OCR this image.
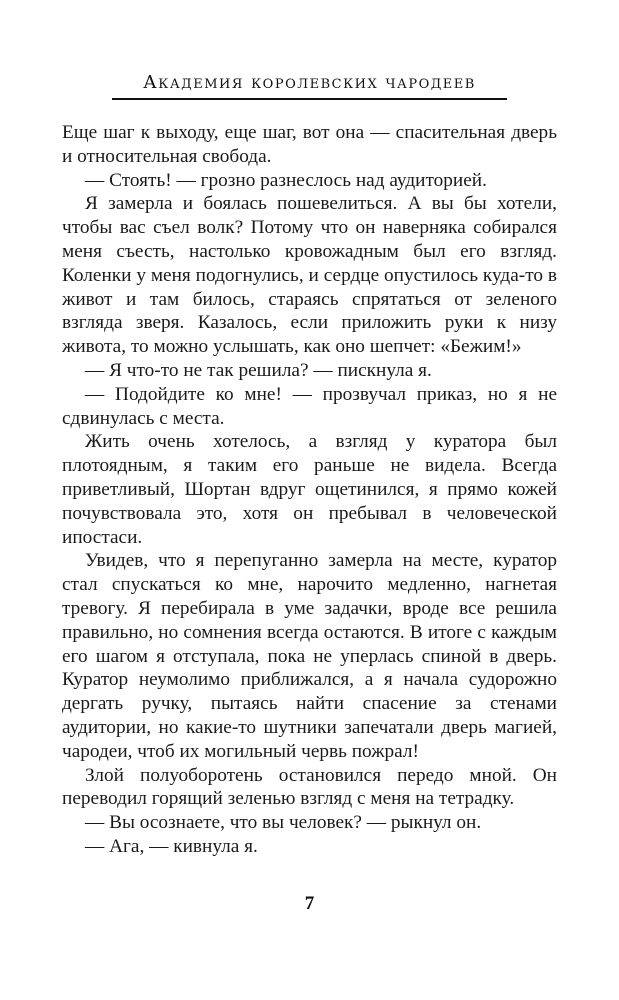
Академия королевских чародеев

Еще шаг к выходу, еще шаг, вот она — спасительная дверь и относительная свобода.

— Стоять! — грозно разнеслось над аудиторией.

Я замерла и боялась пошевелиться. А вы бы хотели, чтобы вас съел волк? Потому что он наверняка собирался меня съесть, настолько кровожадным был его взгляд. Коленки у меня подогнулись, и сердце опустилось куда-то в живот и там билось, стараясь спрятаться от зеленого взгляда зверя. Казалось, если приложить руки к низу живота, то можно услышать, как оно шепчет: «Бежим!»

— Я что-то не так решила? — пискнула я.

— Подойдите ко мне! — прозвучал приказ, но я не сдвинулась с места.

Жить очень хотелось, а взгляд у куратора был плотоядным, я таким его раньше не видела. Всегда приветливый, Шортан вдруг ощетинился, я прямо кожей почувствовала это, хотя он пребывал в человеческой ипостаси.

Увидев, что я перепуганно замерла на месте, куратор стал спускаться ко мне, нарочито медленно, нагнетая тревогу. Я перебирала в уме задачки, вроде все решила правильно, но сомнения всегда остаются. В итоге с каждым его шагом я отступала, пока не уперлась спиной в дверь. Куратор неумолимо приближался, а я начала судорожно дергать ручку, пытаясь найти спасение за стенами аудитории, но какие-то шутники запечатали дверь магией, чародеи, чтоб их могильный червь пожрал!

Злой полуоборотень остановился передо мной. Он переводил горящий зеленью взгляд с меня на тетрадку.

— Вы осознаете, что вы человек? — рыкнул он.

— Ага, — кивнула я.

7
